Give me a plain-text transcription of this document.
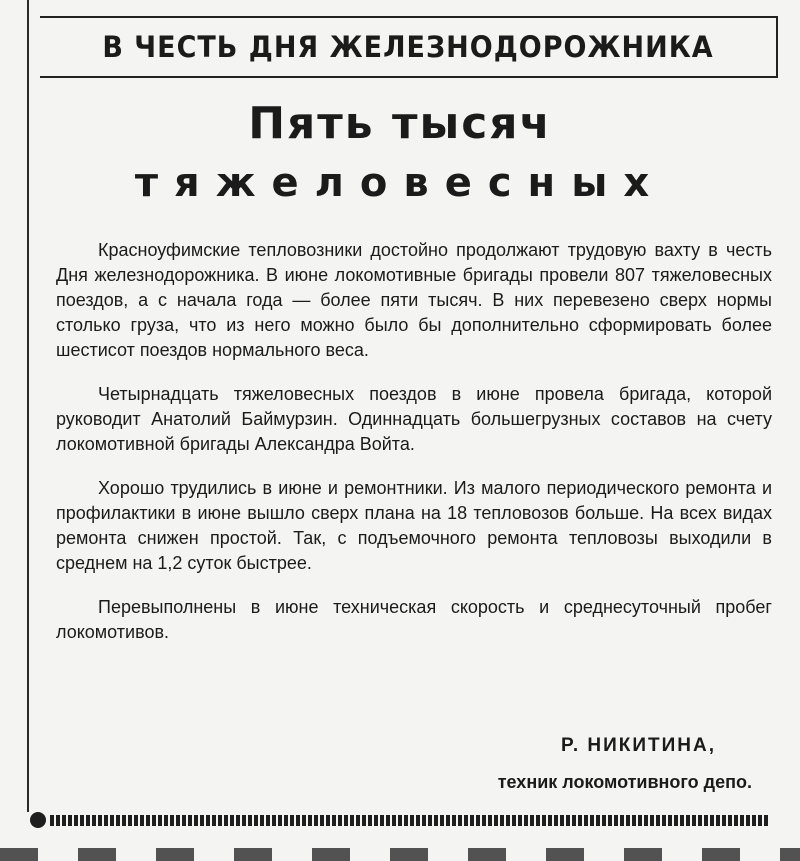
В ЧЕСТЬ ДНЯ ЖЕЛЕЗНОДОРОЖНИКА
Пять тысяч
тяжеловесных

Красноуфимские тепловозники достойно продолжают трудовую вахту в честь Дня железнодорожника. В июне локомотивные бригады провели 807 тяжеловесных поездов, а с начала года — более пяти тысяч. В них перевезено сверх нормы столько груза, что из него можно было бы дополнительно сформировать более шестисот поездов нормального веса.

Четырнадцать тяжеловесных поездов в июне провела бригада, которой руководит Анатолий Баймурзин. Одиннадцать большегрузных составов на счету локомотивной бригады Александра Войта.

Хорошо трудились в июне и ремонтники. Из малого периодического ремонта и профилактики в июне вышло сверх плана на 18 тепловозов больше. На всех видах ремонта снижен простой. Так, с подъемочного ремонта тепловозы выходили в среднем на 1,2 суток быстрее.

Перевыполнены в июне техническая скорость и среднесуточный пробег локомотивов.

Р. НИКИТИНА,
техник локомотивного депо.
